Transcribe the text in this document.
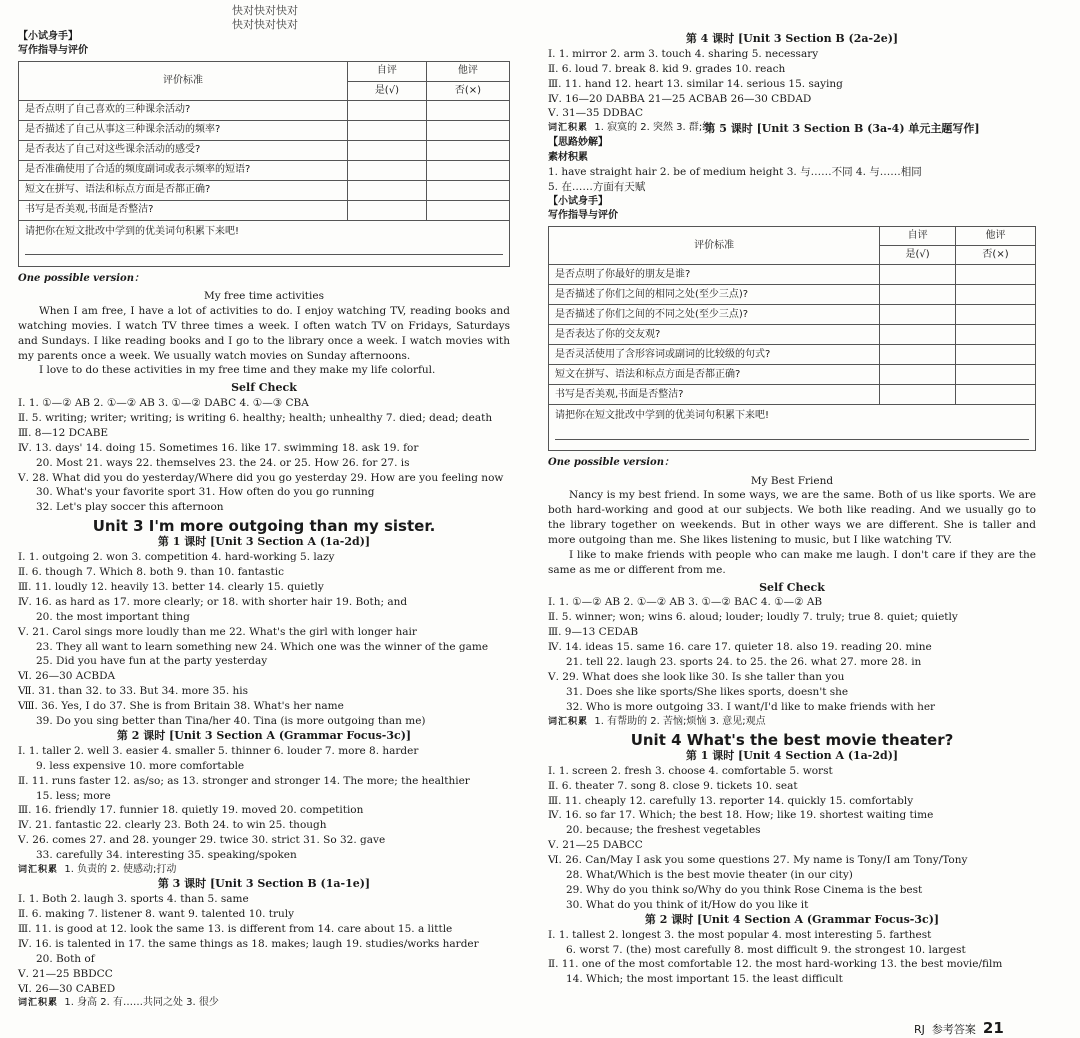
快对快对快对
快对快对快对
【小试身手】
写作指导与评价
评价标准	自评	他评
	是(√)	否(×)
是否点明了自己喜欢的三种课余活动?		
是否描述了自己从事这三种课余活动的频率?		
是否表达了自己对这些课余活动的感受?		
是否准确使用了合适的频度副词或表示频率的短语?		
短文在拼写、语法和标点方面是否都正确?		
书写是否美观,书面是否整洁?		

请把你在短文批改中学到的优美词句积累下来吧!		
One possible version：
My free time activities

When I am free, I have a lot of activities to do. I enjoy watching TV, reading books and watching movies. I watch TV three times a week. I often watch TV on Fridays, Saturdays and Sundays. I like reading books and I go to the library once a week. I watch movies with my parents once a week. We usually watch movies on Sunday afternoons.

I love to do these activities in my free time and they make my life colorful.

Self Check
Ⅰ. 1. ①—② AB 2. ①—② AB 3. ①—② DABC 4. ①—③ CBA
Ⅱ. 5. writing; writer; writing; is writing 6. healthy; health; unhealthy 7. died; dead; death
Ⅲ. 8—12 DCABE
Ⅳ. 13. days' 14. doing 15. Sometimes 16. like 17. swimming 18. ask 19. for
20. Most 21. ways 22. themselves 23. the 24. or 25. How 26. for 27. is
Ⅴ. 28. What did you do yesterday/Where did you go yesterday 29. How are you feeling now
30. What's your favorite sport 31. How often do you go running
32. Let's play soccer this afternoon
Unit 3 I'm more outgoing than my sister.
第 1 课时 [Unit 3 Section A (1a-2d)]
Ⅰ. 1. outgoing 2. won 3. competition 4. hard-working 5. lazy
Ⅱ. 6. though 7. Which 8. both 9. than 10. fantastic
Ⅲ. 11. loudly 12. heavily 13. better 14. clearly 15. quietly
Ⅳ. 16. as hard as 17. more clearly; or 18. with shorter hair 19. Both; and
20. the most important thing
Ⅴ. 21. Carol sings more loudly than me 22. What's the girl with longer hair
23. They all want to learn something new 24. Which one was the winner of the game
25. Did you have fun at the party yesterday
Ⅵ. 26—30 ACBDA
Ⅶ. 31. than 32. to 33. But 34. more 35. his
Ⅷ. 36. Yes, I do 37. She is from Britain 38. What's her name
39. Do you sing better than Tina/her 40. Tina (is more outgoing than me)
第 2 课时 [Unit 3 Section A (Grammar Focus-3c)]
Ⅰ. 1. taller 2. well 3. easier 4. smaller 5. thinner 6. louder 7. more 8. harder
9. less expensive 10. more comfortable
Ⅱ. 11. runs faster 12. as/so; as 13. stronger and stronger 14. The more; the healthier
15. less; more
Ⅲ. 16. friendly 17. funnier 18. quietly 19. moved 20. competition
Ⅳ. 21. fantastic 22. clearly 23. Both 24. to win 25. though
Ⅴ. 26. comes 27. and 28. younger 29. twice 30. strict 31. So 32. gave
33. carefully 34. interesting 35. speaking/spoken
词汇积累 1. 负责的 2. 使感动;打动
第 3 课时 [Unit 3 Section B (1a-1e)]
Ⅰ. 1. Both 2. laugh 3. sports 4. than 5. same
Ⅱ. 6. making 7. listener 8. want 9. talented 10. truly
Ⅲ. 11. is good at 12. look the same 13. is different from 14. care about 15. a little
Ⅳ. 16. is talented in 17. the same things as 18. makes; laugh 19. studies/works harder
20. Both of
Ⅴ. 21—25 BBDCC
Ⅵ. 26—30 CABED
词汇积累 1. 身高 2. 有……共同之处 3. 很少
第 4 课时 [Unit 3 Section B (2a-2e)]
Ⅰ. 1. mirror 2. arm 3. touch 4. sharing 5. necessary
Ⅱ. 6. loud 7. break 8. kid 9. grades 10. reach
Ⅲ. 11. hand 12. heart 13. similar 14. serious 15. saying
Ⅳ. 16—20 DABBA 21—25 ACBAB 26—30 CBDAD
Ⅴ. 31—35 DDBAC
词汇积累 1. 寂寞的 2. 突然 3. 群;组
第 5 课时 [Unit 3 Section B (3a-4) 单元主题写作]
【思路妙解】
素材积累
1. have straight hair 2. be of medium height 3. 与……不同 4. 与……相同
5. 在……方面有天赋
【小试身手】
写作指导与评价
评价标准	自评	他评
	是(√)	否(×)
是否点明了你最好的朋友是谁?		
是否描述了你们之间的相同之处(至少三点)?		
是否描述了你们之间的不同之处(至少三点)?		
是否表达了你的交友观?		
是否灵活使用了含形容词或副词的比较级的句式?		
短文在拼写、语法和标点方面是否都正确?		
书写是否美观,书面是否整洁?		

请把你在短文批改中学到的优美词句积累下来吧!		
One possible version：
My Best Friend

Nancy is my best friend. In some ways, we are the same. Both of us like sports. We are both hard-working and good at our subjects. We both like reading. And we usually go to the library together on weekends. But in other ways we are different. She is taller and more outgoing than me. She likes listening to music, but I like watching TV.

I like to make friends with people who can make me laugh. I don't care if they are the same as me or different from me.

Self Check
Ⅰ. 1. ①—② AB 2. ①—② AB 3. ①—② BAC 4. ①—② AB
Ⅱ. 5. winner; won; wins 6. aloud; louder; loudly 7. truly; true 8. quiet; quietly
Ⅲ. 9—13 CEDAB
Ⅳ. 14. ideas 15. same 16. care 17. quieter 18. also 19. reading 20. mine
21. tell 22. laugh 23. sports 24. to 25. the 26. what 27. more 28. in
Ⅴ. 29. What does she look like 30. Is she taller than you
31. Does she like sports/She likes sports, doesn't she
32. Who is more outgoing 33. I want/I'd like to make friends with her
词汇积累 1. 有帮助的 2. 苦恼;烦恼 3. 意见;观点
Unit 4 What's the best movie theater?
第 1 课时 [Unit 4 Section A (1a-2d)]
Ⅰ. 1. screen 2. fresh 3. choose 4. comfortable 5. worst
Ⅱ. 6. theater 7. song 8. close 9. tickets 10. seat
Ⅲ. 11. cheaply 12. carefully 13. reporter 14. quickly 15. comfortably
Ⅳ. 16. so far 17. Which; the best 18. How; like 19. shortest waiting time
20. because; the freshest vegetables
Ⅴ. 21—25 DABCC
Ⅵ. 26. Can/May I ask you some questions 27. My name is Tony/I am Tony/Tony
28. What/Which is the best movie theater (in our city)
29. Why do you think so/Why do you think Rose Cinema is the best
30. What do you think of it/How do you like it
第 2 课时 [Unit 4 Section A (Grammar Focus-3c)]
Ⅰ. 1. tallest 2. longest 3. the most popular 4. most interesting 5. farthest
6. worst 7. (the) most carefully 8. most difficult 9. the strongest 10. largest
Ⅱ. 11. one of the most comfortable 12. the most hard-working 13. the best movie/film
14. Which; the most important 15. the least difficult
RJ 参考答案 21
